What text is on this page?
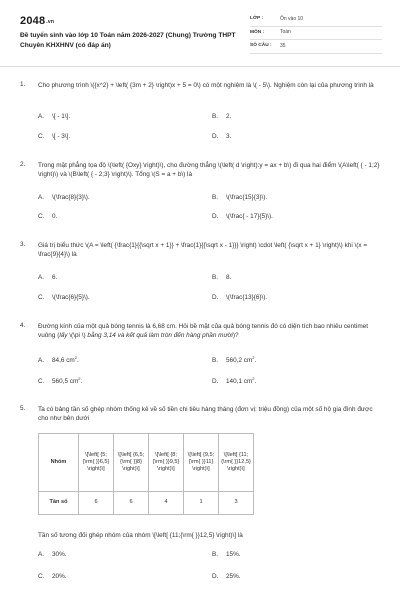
2048.vn
Đề tuyển sinh vào lớp 10 Toán năm 2026-2027 (Chung) Trường THPT Chuyên KHXHNV (có đáp án)
LỚP :	Ôn vào 10
MÔN :	Toán
SỐ CÂU :	35
1.	Cho phương trình \({x^2} + \left( {3m + 2} \right)x + 5 = 0\) có một nghiệm là \( - 5\). Nghiệm còn lại của phương trình là
A. \[ - 1\].	B. 2.
C. \[ - 3\].	D. 3.
2.	Trong mặt phẳng tọa độ \(\left( {Oxy} \right)\), cho đường thẳng \(\left( d \right):y = ax + b\) đi qua hai điểm \(A\left( { - 1;2} \right)\) và \(B\left( { - 2;3} \right)\). Tổng \(S = a + b\) là
A. \(\frac{8}{3}\).	B. \(\frac{15}{3}\).
C. 0.	D. \(\frac{ - 17}{5}\).
3.	Giá trị biểu thức \(A = \left( {\frac{1}{{\sqrt x + 1}} + \frac{1}{{\sqrt x - 1}}} \right) \cdot \left( {\sqrt x + 1} \right)\) khi \(x = \frac{9}{4}\) là
A. 6.	B. 8.
C. \(\frac{6}{5}\).	D. \(\frac{13}{6}\).
4.	Đường kính của một quả bóng tennis là 6,68 cm. Hỏi bề mặt của quả bóng tennis đó có diện tích bao nhiêu centimet vuông (lấy \(\pi \) bằng 3,14 và kết quả làm tròn đến hàng phần mười)?
A. 84,6 $cm^2$.	B. 560,2 $cm^2$.
C. 560,5 $cm^2$.	D. 140,1 $cm^2$.
5.	Ta có bảng tần số ghép nhóm thống kê về số tiền chi tiêu hàng tháng (đơn vị: triệu đồng) của một số hộ gia đình được cho như bên dưới
Nhóm	\[\left[ {5; {\rm{ }}6,5} \right)\]	\[\left[ {6,5;{\rm{ }}8} \right)\]	\[\left[ {8; {\rm{ }}9,5} \right)\]	\[\left[ {9,5;{\rm{ }}11} \right)\]	\[\left[ {11;{\rm{ }}12,5} \right)\]
Tần số	6	6	4	1	3
Tần số tương đối ghép nhóm của nhóm \[\left[ {11;{\rm{ }}12,5} \right)\] là
A. 30%.	B. 15%.
C. 20%.	D. 25%.
